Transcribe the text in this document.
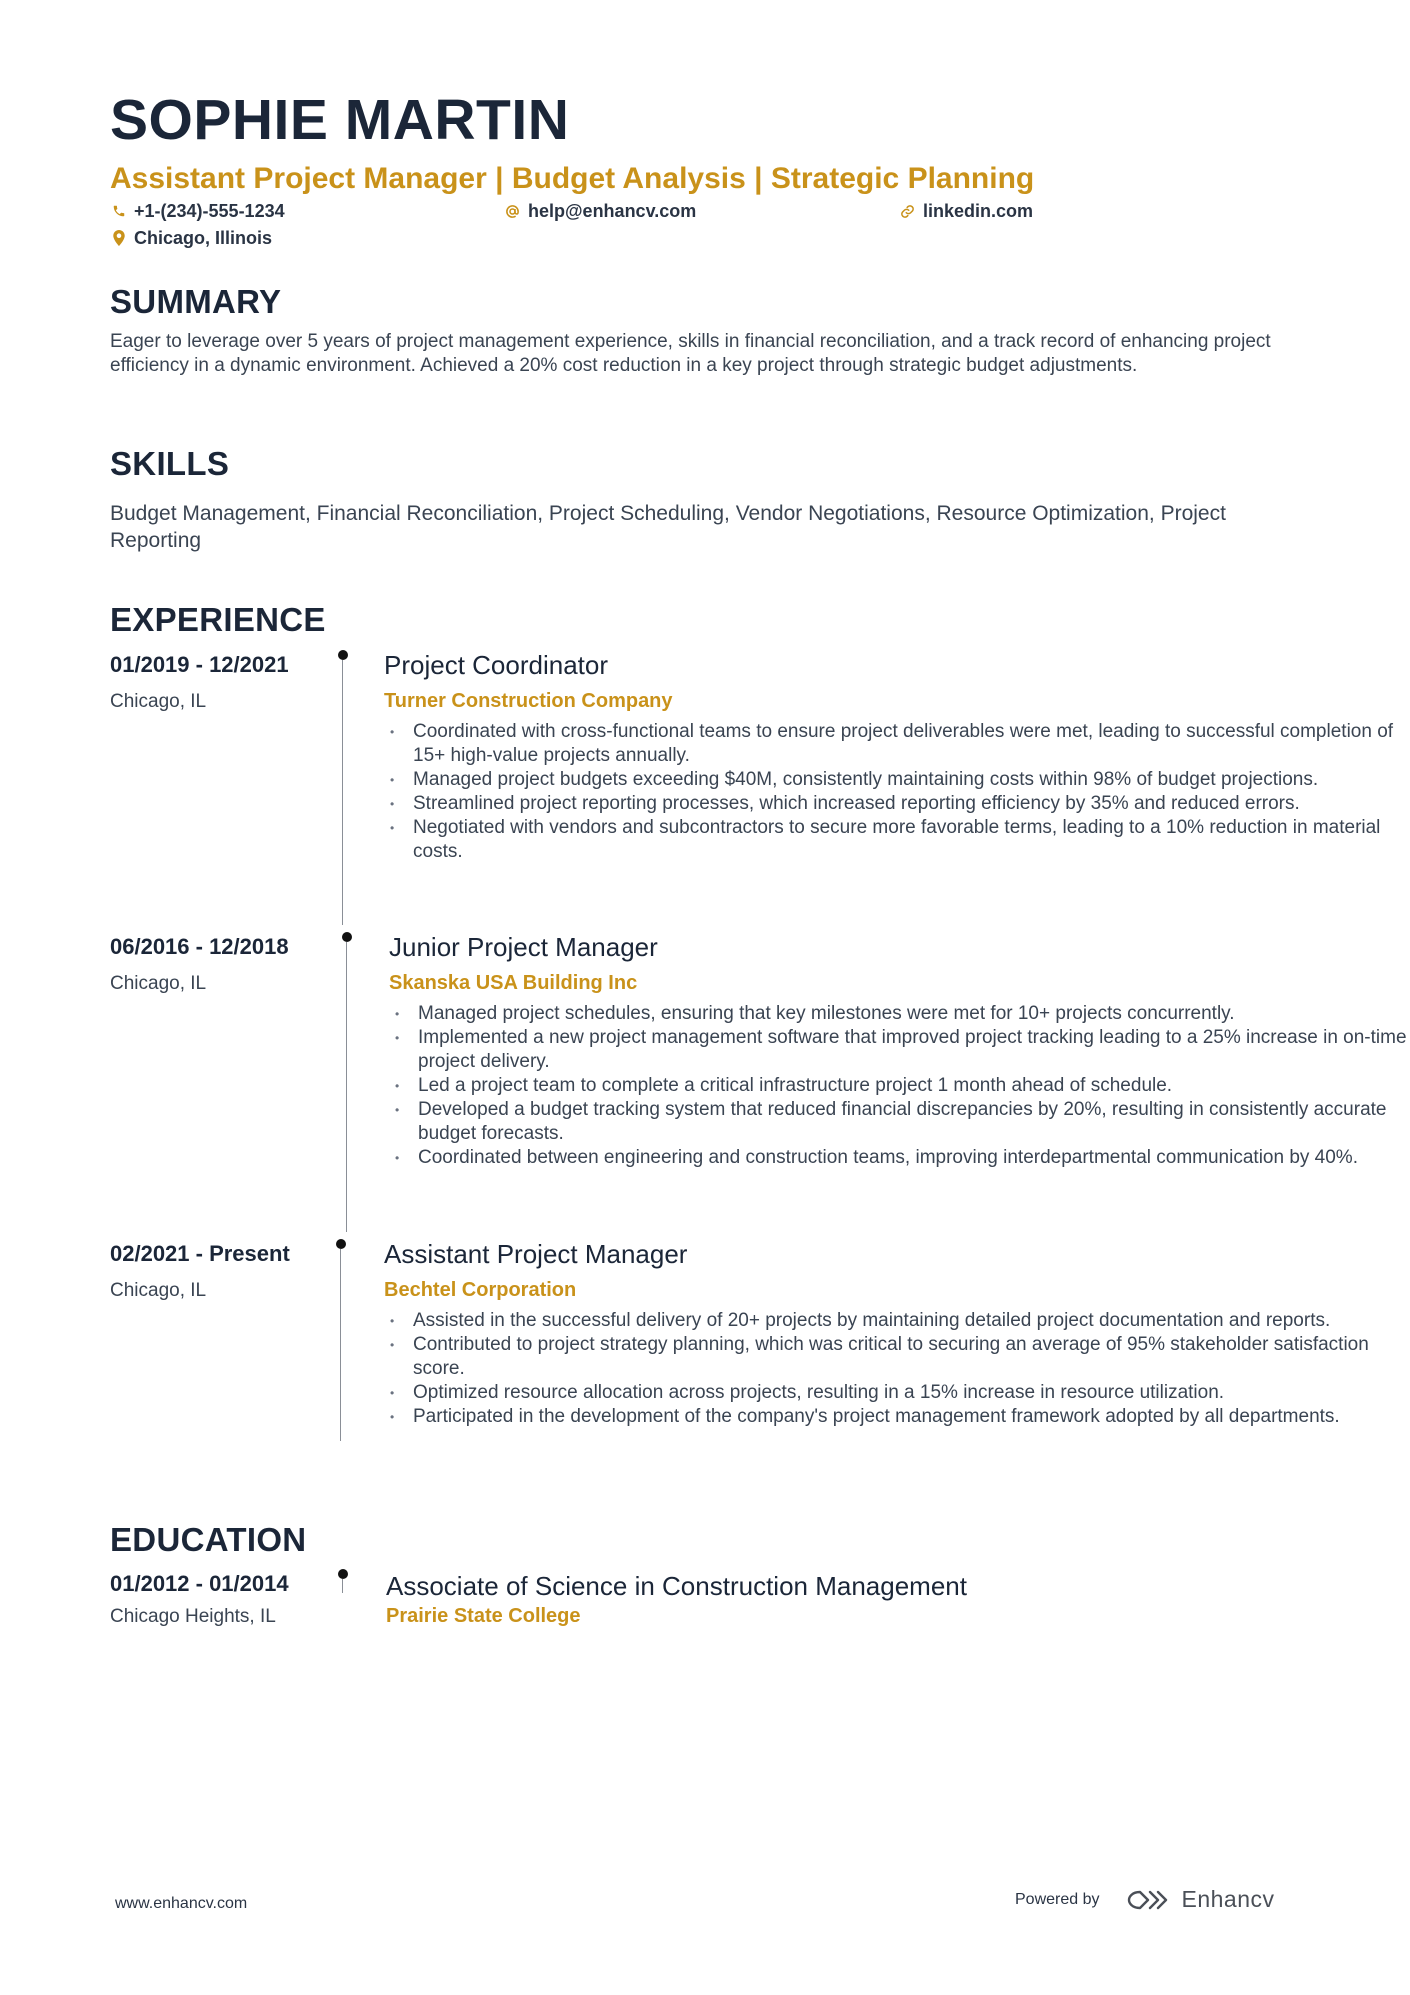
SOPHIE MARTIN
Assistant Project Manager | Budget Analysis | Strategic Planning
+1-(234)-555-1234	help@enhancv.com	linkedin.com
Chicago, Illinois
SUMMARY

Eager to leverage over 5 years of project management experience, skills in financial reconciliation, and a track record of enhancing project efficiency in a dynamic environment. Achieved a 20% cost reduction in a key project through strategic budget adjustments.

SKILLS

Budget Management, Financial Reconciliation, Project Scheduling, Vendor Negotiations, Resource Optimization, Project Reporting

EXPERIENCE
01/2019 - 12/2021
Chicago, IL
Project Coordinator
Turner Construction Company
• Coordinated with cross-functional teams to ensure project deliverables were met, leading to successful completion of 15+ high-value projects annually.
• Managed project budgets exceeding $40M, consistently maintaining costs within 98% of budget projections.
• Streamlined project reporting processes, which increased reporting efficiency by 35% and reduced errors.
• Negotiated with vendors and subcontractors to secure more favorable terms, leading to a 10% reduction in material costs.
06/2016 - 12/2018
Chicago, IL
Junior Project Manager
Skanska USA Building Inc
• Managed project schedules, ensuring that key milestones were met for 10+ projects concurrently.
• Implemented a new project management software that improved project tracking leading to a 25% increase in on-time project delivery.
• Led a project team to complete a critical infrastructure project 1 month ahead of schedule.
• Developed a budget tracking system that reduced financial discrepancies by 20%, resulting in consistently accurate budget forecasts.
• Coordinated between engineering and construction teams, improving interdepartmental communication by 40%.
02/2021 - Present
Chicago, IL
Assistant Project Manager
Bechtel Corporation
• Assisted in the successful delivery of 20+ projects by maintaining detailed project documentation and reports.
• Contributed to project strategy planning, which was critical to securing an average of 95% stakeholder satisfaction score.
• Optimized resource allocation across projects, resulting in a 15% increase in resource utilization.
• Participated in the development of the company's project management framework adopted by all departments.
EDUCATION
01/2012 - 01/2014
Chicago Heights, IL
Associate of Science in Construction Management
Prairie State College
www.enhancv.com	Powered by	Enhancv
